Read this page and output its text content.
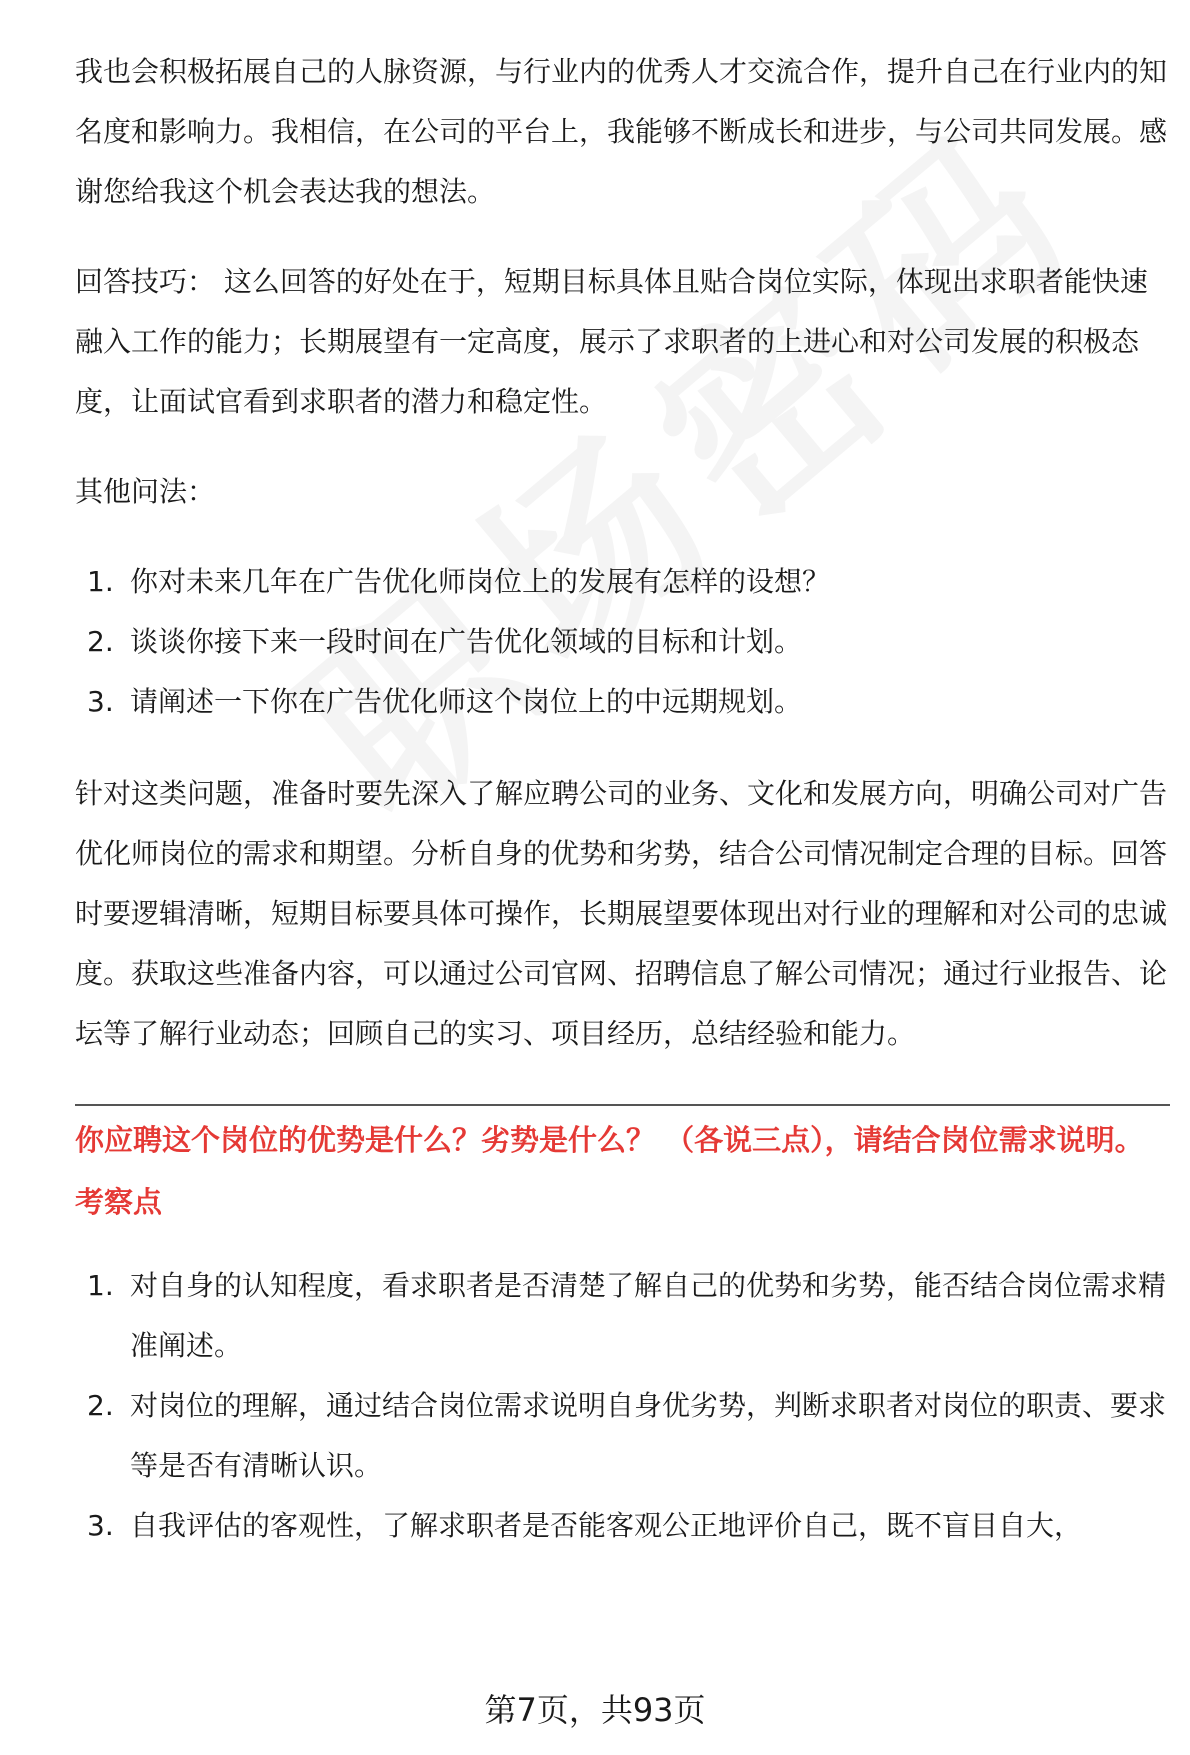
我也会积极拓展自己的人脉资源，与行业内的优秀人才交流合作，提升自己在行业内的知名度和影响力。我相信，在公司的平台上，我能够不断成长和进步，与公司共同发展。感谢您给我这个机会表达我的想法。

回答技巧： 这么回答的好处在于，短期目标具体且贴合岗位实际，体现出求职者能快速融入工作的能力；长期展望有一定高度，展示了求职者的上进心和对公司发展的积极态度，让面试官看到求职者的潜力和稳定性。

其他问法：

1. 你对未来几年在广告优化师岗位上的发展有怎样的设想？
2. 谈谈你接下来一段时间在广告优化领域的目标和计划。
3. 请阐述一下你在广告优化师这个岗位上的中远期规划。

针对这类问题，准备时要先深入了解应聘公司的业务、文化和发展方向，明确公司对广告优化师岗位的需求和期望。分析自身的优势和劣势，结合公司情况制定合理的目标。回答时要逻辑清晰，短期目标要具体可操作，长期展望要体现出对行业的理解和对公司的忠诚度。获取这些准备内容，可以通过公司官网、招聘信息了解公司情况；通过行业报告、论坛等了解行业动态；回顾自己的实习、项目经历，总结经验和能力。

你应聘这个岗位的优势是什么？劣势是什么？ （各说三点），请结合岗位需求说明。
考察点
1. 对自身的认知程度，看求职者是否清楚了解自己的优势和劣势，能否结合岗位需求精准阐述。
2. 对岗位的理解，通过结合岗位需求说明自身优劣势，判断求职者对岗位的职责、要求等是否有清晰认识。
3. 自我评估的客观性，了解求职者是否能客观公正地评价自己，既不盲目自大，
第7页，共93页
